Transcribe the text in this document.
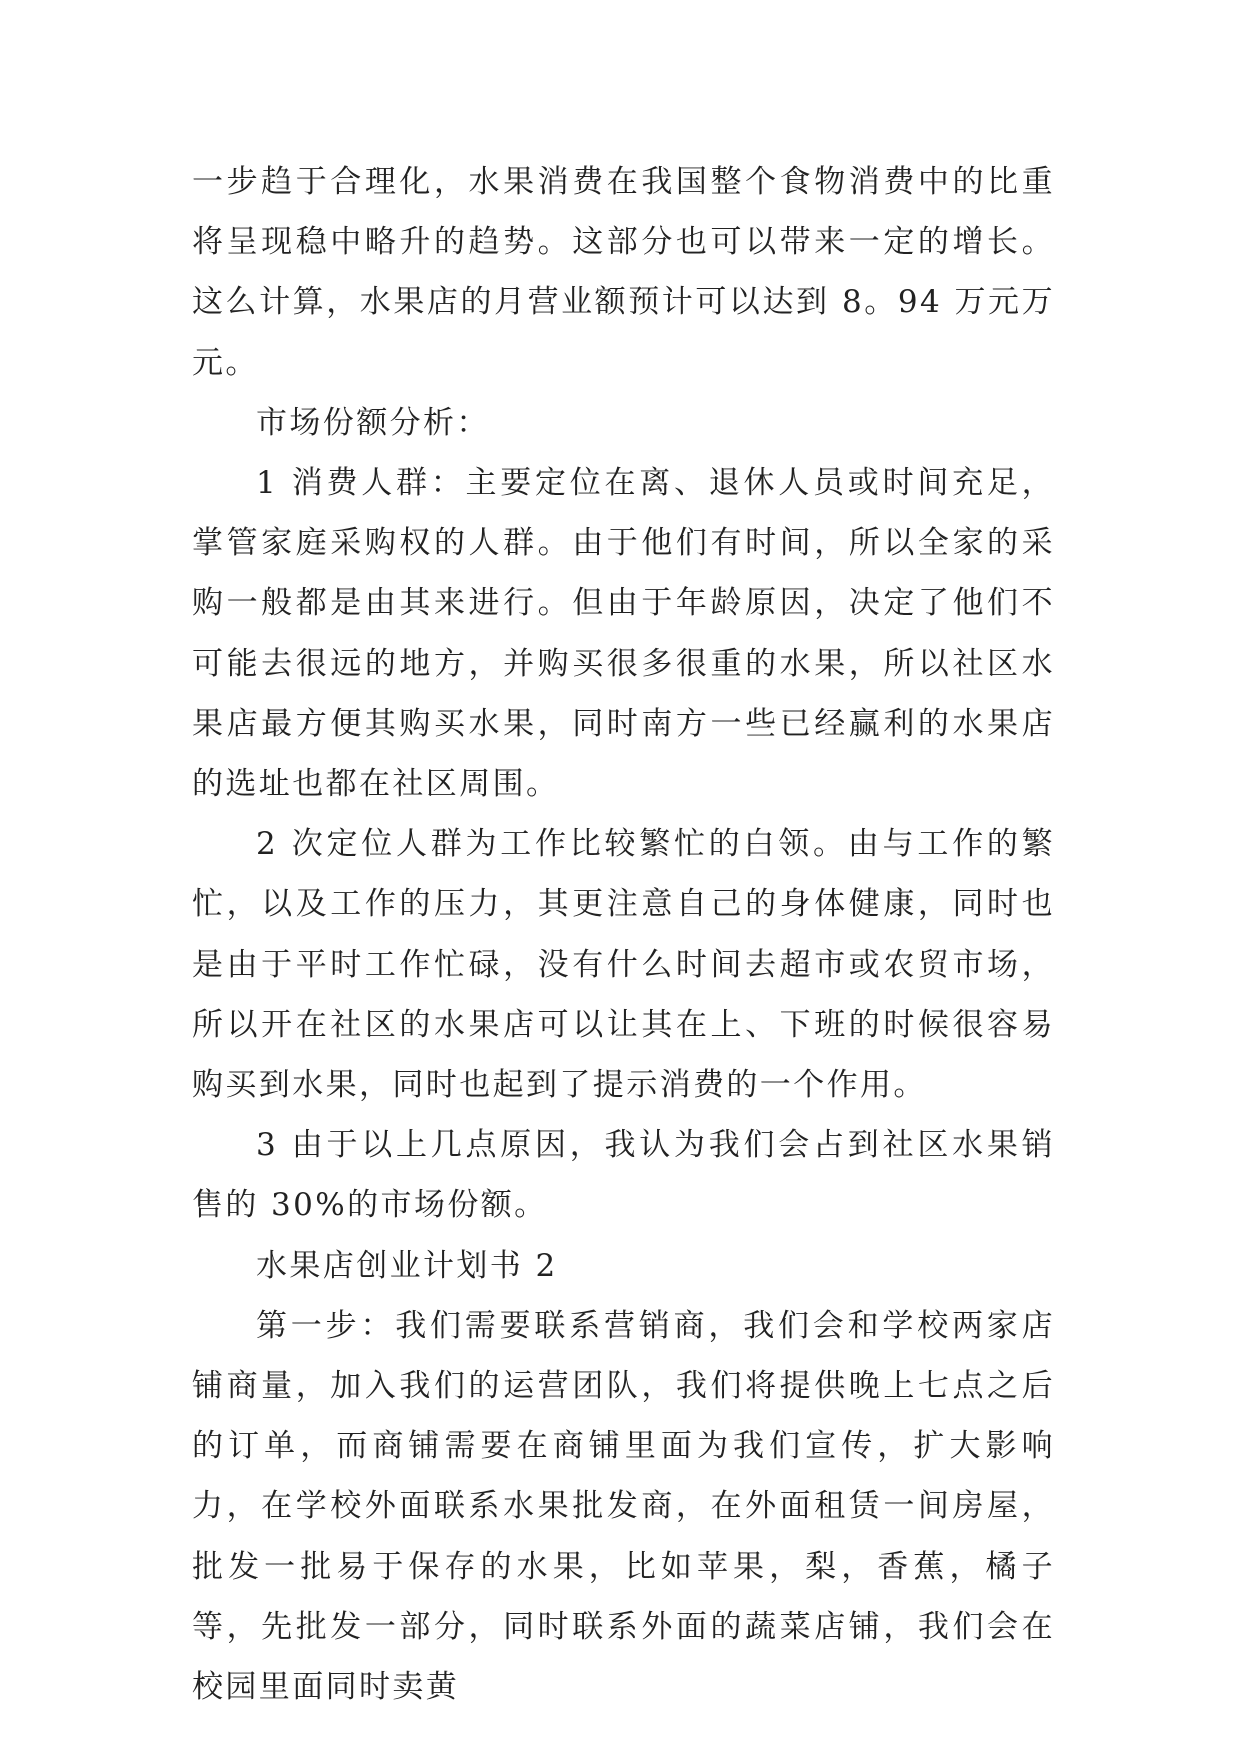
一步趋于合理化，水果消费在我国整个食物消费中的比重将呈现稳中略升的趋势。这部分也可以带来一定的增长。这么计算，水果店的月营业额预计可以达到 8。94 万元万元。

市场份额分析：

1 消费人群：主要定位在离、退休人员或时间充足，掌管家庭采购权的人群。由于他们有时间，所以全家的采购一般都是由其来进行。但由于年龄原因，决定了他们不可能去很远的地方，并购买很多很重的水果，所以社区水果店最方便其购买水果，同时南方一些已经赢利的水果店的选址也都在社区周围。

2 次定位人群为工作比较繁忙的白领。由与工作的繁忙，以及工作的压力，其更注意自己的身体健康，同时也是由于平时工作忙碌，没有什么时间去超市或农贸市场，所以开在社区的水果店可以让其在上、下班的时候很容易购买到水果，同时也起到了提示消费的一个作用。

3 由于以上几点原因，我认为我们会占到社区水果销售的 30%的市场份额。

水果店创业计划书 2

第一步：我们需要联系营销商，我们会和学校两家店铺商量，加入我们的运营团队，我们将提供晚上七点之后的订单，而商铺需要在商铺里面为我们宣传，扩大影响力，在学校外面联系水果批发商，在外面租赁一间房屋，批发一批易于保存的水果，比如苹果，梨，香蕉，橘子等，先批发一部分，同时联系外面的蔬菜店铺，我们会在校园里面同时卖黄
